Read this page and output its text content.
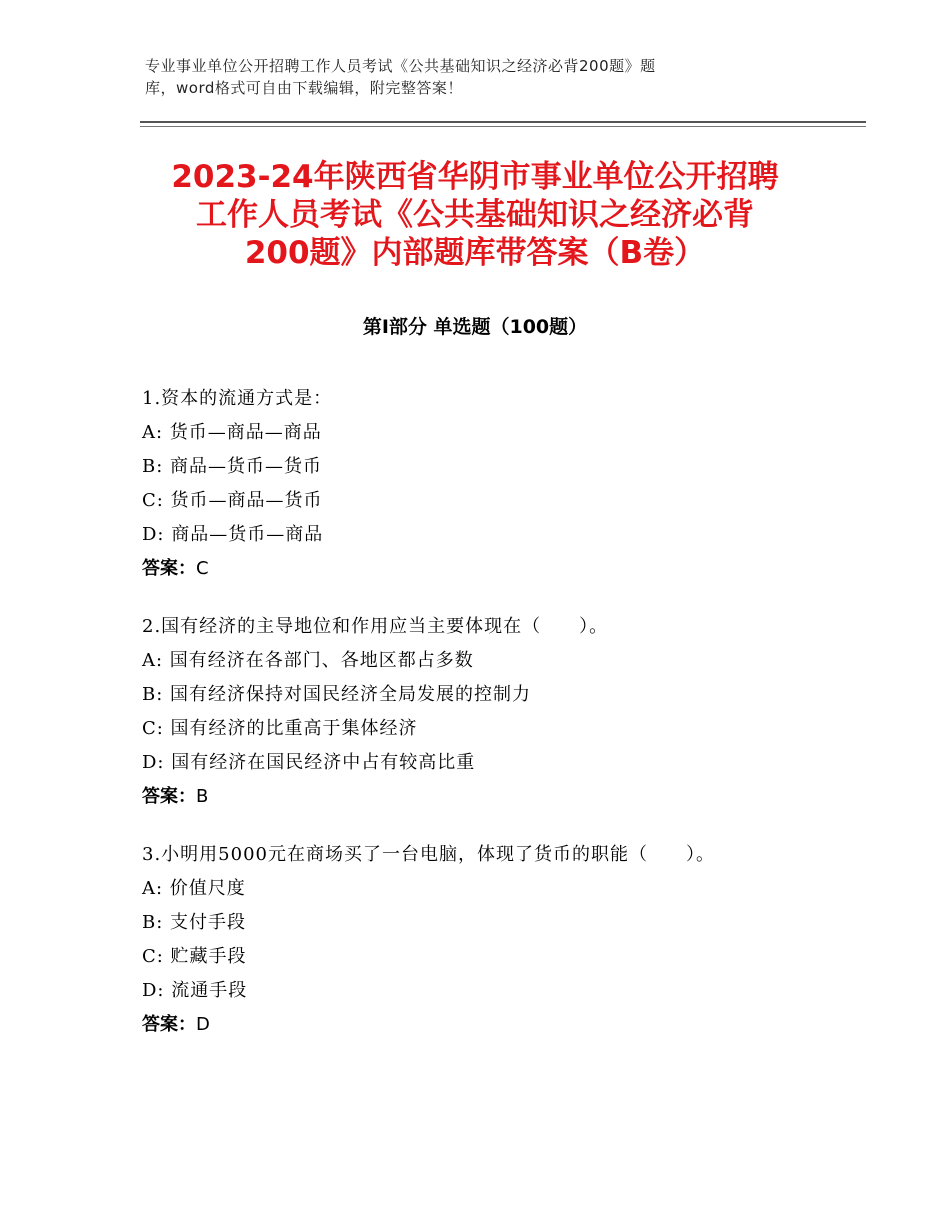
专业事业单位公开招聘工作人员考试《公共基础知识之经济必背200题》题
库，word格式可自由下载编辑，附完整答案！
2023-24年陕西省华阴市事业单位公开招聘
工作人员考试《公共基础知识之经济必背
200题》内部题库带答案（B卷）
第Ⅰ部分 单选题（100题）
1.资本的流通方式是：
A: 货币—商品—商品
B: 商品—货币—货币
C: 货币—商品—货币
D: 商品—货币—商品
答案：C
2.国有经济的主导地位和作用应当主要体现在（　　）。
A: 国有经济在各部门、各地区都占多数
B: 国有经济保持对国民经济全局发展的控制力
C: 国有经济的比重高于集体经济
D: 国有经济在国民经济中占有较高比重
答案：B
3.小明用5000元在商场买了一台电脑，体现了货币的职能（　　）。
A: 价值尺度
B: 支付手段
C: 贮藏手段
D: 流通手段
答案：D
